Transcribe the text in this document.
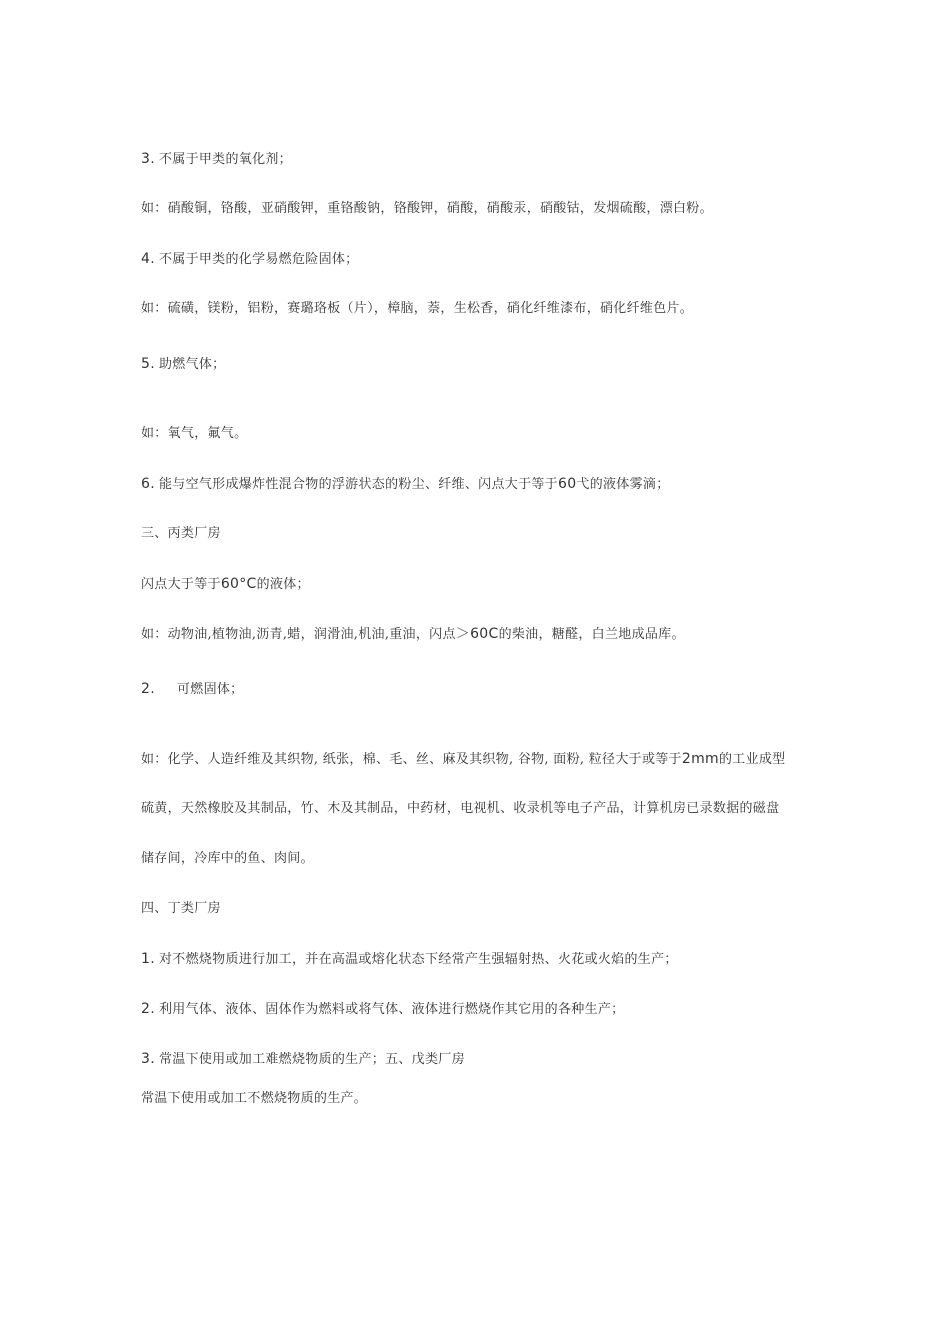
3. 不属于甲类的氧化剂；
如：硝酸铜，铬酸，亚硝酸钾，重铬酸钠，铬酸钾，硝酸，硝酸汞，硝酸钴，发烟硫酸，漂白粉。
4. 不属于甲类的化学易燃危险固体；
如：硫磺，镁粉，铝粉，赛璐珞板（片），樟脑，萘，生松香，硝化纤维漆布，硝化纤维色片。
5. 助燃气体；
如：氧气，氟气。
6. 能与空气形成爆炸性混合物的浮游状态的粉尘、纤维、闪点大于等于60弋的液体雾滴；
三、丙类厂房
闪点大于等于60°C的液体；
如：动物油,植物油,沥青,蜡，润滑油,机油,重油，闪点＞60C的柴油，糖醛，白兰地成品库。
2. 可燃固体；
如：化学、人造纤维及其织物, 纸张，棉、毛、丝、麻及其织物, 谷物, 面粉, 粒径大于或等于2mm的工业成型
硫黄，天然橡胶及其制品，竹、木及其制品，中药材，电视机、收录机等电子产品，计算机房已录数据的磁盘
储存间，冷库中的鱼、肉间。
四、丁类厂房
1. 对不燃烧物质进行加工，并在高温或熔化状态下经常产生强辐射热、火花或火焰的生产；
2. 利用气体、液体、固体作为燃料或将气体、液体进行燃烧作其它用的各种生产；
3. 常温下使用或加工难燃烧物质的生产；五、戊类厂房
常温下使用或加工不燃烧物质的生产。
